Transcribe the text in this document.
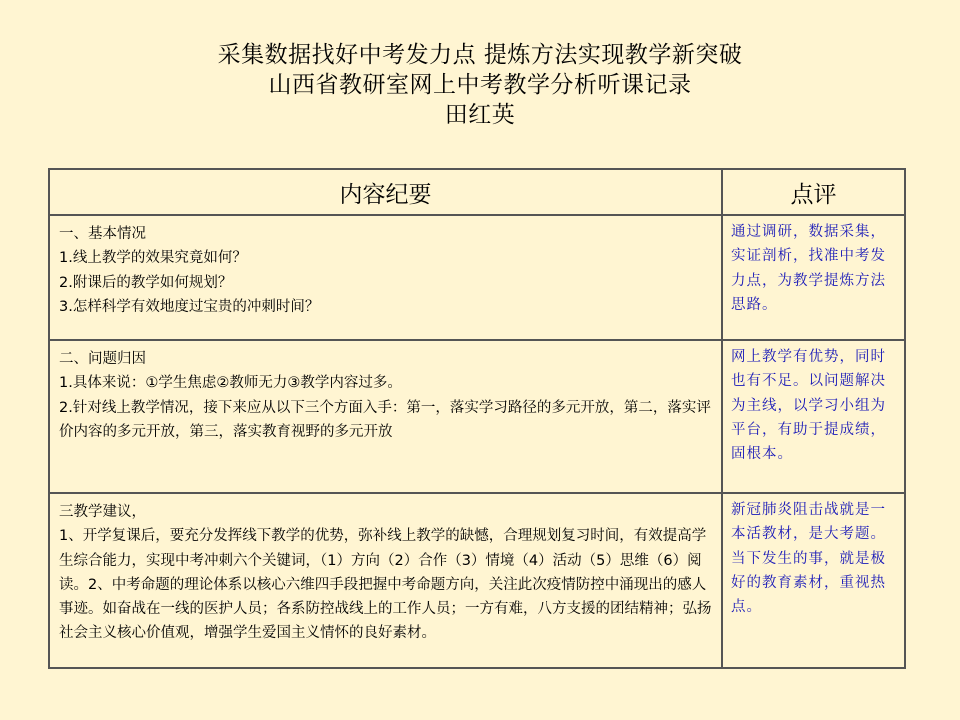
采集数据找好中考发力点 提炼方法实现教学新突破
山西省教研室网上中考教学分析听课记录
田红英
内容纪要	点评

一、基本情况
1.线上教学的效果究竟如何？
2.附课后的教学如何规划？
3.怎样科学有效地度过宝贵的冲刺时间？	通过调研，数据采集，实证剖析，找准中考发力点，为教学提炼方法思路。

二、问题归因
1.具体来说：①学生焦虑②教师无力③教学内容过多。
2.针对线上教学情况，接下来应从以下三个方面入手：第一，落实学习路径的多元开放，第二，落实评价内容的多元开放，第三，落实教育视野的多元开放	网上教学有优势，同时也有不足。以问题解决为主线，以学习小组为平台，有助于提成绩，固根本。

三教学建议，
1、开学复课后，要充分发挥线下教学的优势，弥补线上教学的缺憾，合理规划复习时间，有效提高学生综合能力，实现中考冲刺六个关键词，（1）方向（2）合作（3）情境（4）活动（5）思维（6）阅读。2、中考命题的理论体系以核心六维四手段把握中考命题方向，关注此次疫情防控中涌现出的感人事迹。如奋战在一线的医护人员；各系防控战线上的工作人员；一方有难，八方支援的团结精神；弘扬社会主义核心价值观，增强学生爱国主义情怀的良好素材。	新冠肺炎阻击战就是一本活教材，是大考题。当下发生的事，就是极好的教育素材，重视热点。
